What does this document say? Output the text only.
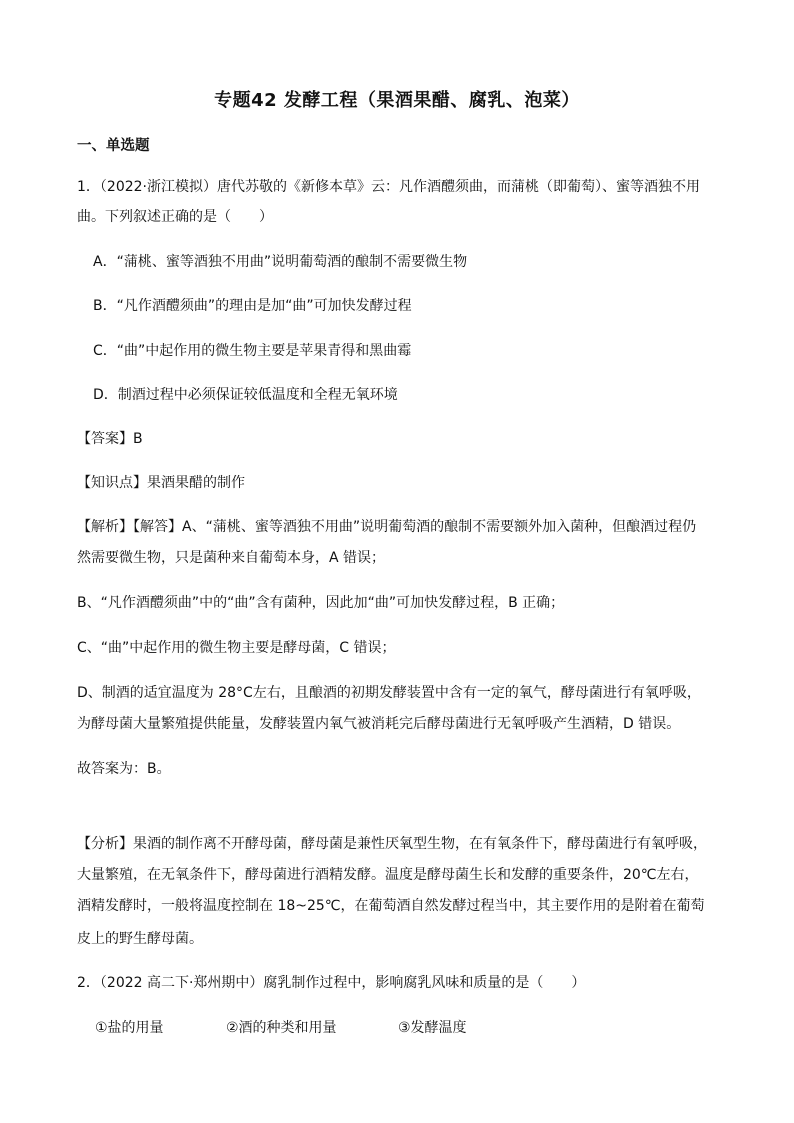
专题42 发酵工程（果酒果醋、腐乳、泡菜）
一、单选题
1．（2022·浙江模拟）唐代苏敬的《新修本草》云：凡作酒醴须曲，而蒲桃（即葡萄）、蜜等酒独不用
曲。下列叙述正确的是（　　）
A．“蒲桃、蜜等酒独不用曲”说明葡萄酒的酿制不需要微生物
B．“凡作酒醴须曲”的理由是加“曲”可加快发酵过程
C．“曲”中起作用的微生物主要是苹果青得和黑曲霉
D．制酒过程中必须保证较低温度和全程无氧环境
【答案】B
【知识点】果酒果醋的制作
【解析】【解答】A、“蒲桃、蜜等酒独不用曲”说明葡萄酒的酿制不需要额外加入菌种，但酿酒过程仍
然需要微生物，只是菌种来自葡萄本身，A 错误；
B、“凡作酒醴须曲”中的“曲”含有菌种，因此加“曲”可加快发酵过程，B 正确；
C、“曲”中起作用的微生物主要是酵母菌，C 错误；
D、制酒的适宜温度为 28°C左右，且酿酒的初期发酵装置中含有一定的氧气，酵母菌进行有氧呼吸，
为酵母菌大量繁殖提供能量，发酵装置内氧气被消耗完后酵母菌进行无氧呼吸产生酒精，D 错误。
故答案为：B。
【分析】果酒的制作离不开酵母菌，酵母菌是兼性厌氧型生物，在有氧条件下，酵母菌进行有氧呼吸，
大量繁殖，在无氧条件下，酵母菌进行酒精发酵。温度是酵母菌生长和发酵的重要条件，20℃左右，
酒精发酵时，一般将温度控制在 18~25℃，在葡萄酒自然发酵过程当中，其主要作用的是附着在葡萄
皮上的野生酵母菌。
2．（2022 高二下·郑州期中）腐乳制作过程中，影响腐乳风味和质量的是（　　）
①盐的用量	②酒的种类和用量	③发酵温度
